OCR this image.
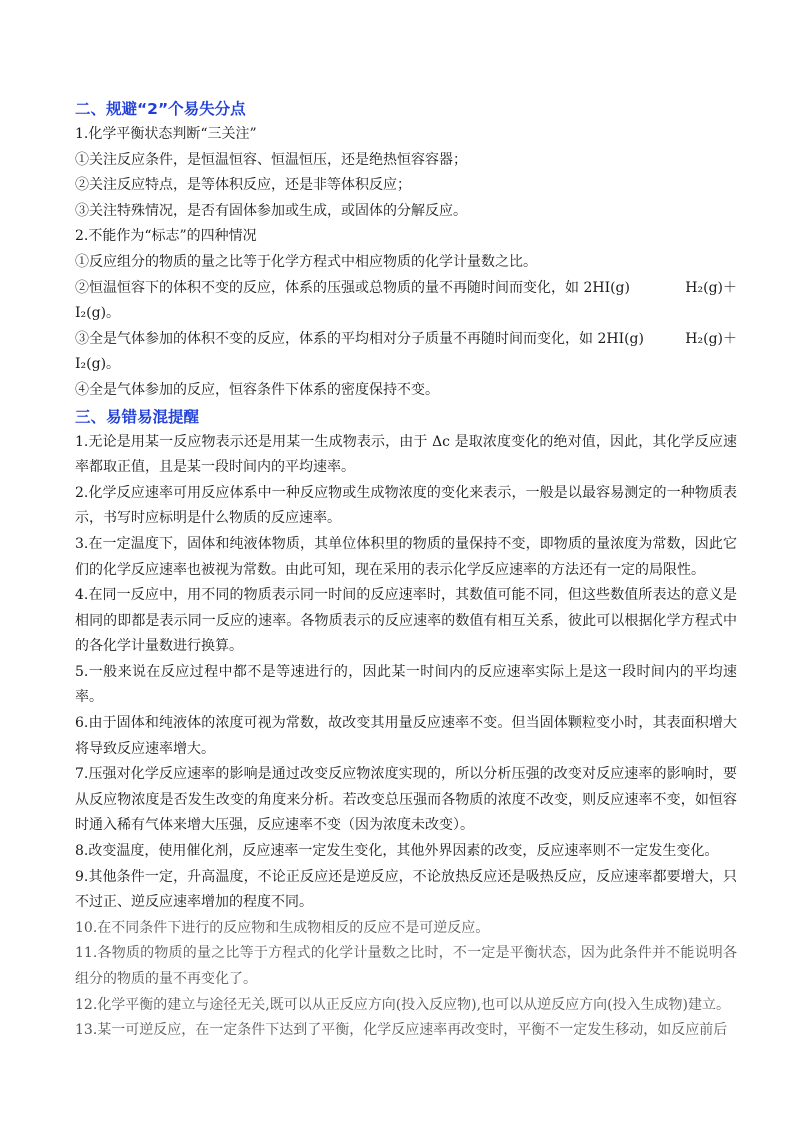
二、规避“2”个易失分点
1.化学平衡状态判断“三关注”
①关注反应条件，是恒温恒容、恒温恒压，还是绝热恒容容器；
②关注反应特点，是等体积反应，还是非等体积反应；
③关注特殊情况，是否有固体参加或生成，或固体的分解反应。
2.不能作为“标志”的四种情况
①反应组分的物质的量之比等于化学方程式中相应物质的化学计量数之比。
②恒温恒容下的体积不变的反应，体系的压强或总物质的量不再随时间而变化，如 2HI(g)	H₂(g)＋
I₂(g)。
③全是气体参加的体积不变的反应，体系的平均相对分子质量不再随时间而变化，如 2HI(g)	H₂(g)＋
I₂(g)。
④全是气体参加的反应，恒容条件下体系的密度保持不变。
三、易错易混提醒
1.无论是用某一反应物表示还是用某一生成物表示，由于 Δc 是取浓度变化的绝对值，因此，其化学反应速率都取正值，且是某一段时间内的平均速率。
2.化学反应速率可用反应体系中一种反应物或生成物浓度的变化来表示，一般是以最容易测定的一种物质表示，书写时应标明是什么物质的反应速率。
3.在一定温度下，固体和纯液体物质，其单位体积里的物质的量保持不变，即物质的量浓度为常数，因此它们的化学反应速率也被视为常数。由此可知，现在采用的表示化学反应速率的方法还有一定的局限性。
4.在同一反应中，用不同的物质表示同一时间的反应速率时，其数值可能不同，但这些数值所表达的意义是相同的即都是表示同一反应的速率。各物质表示的反应速率的数值有相互关系，彼此可以根据化学方程式中的各化学计量数进行换算。
5.一般来说在反应过程中都不是等速进行的，因此某一时间内的反应速率实际上是这一段时间内的平均速率。
6.由于固体和纯液体的浓度可视为常数，故改变其用量反应速率不变。但当固体颗粒变小时，其表面积增大将导致反应速率增大。
7.压强对化学反应速率的影响是通过改变反应物浓度实现的，所以分析压强的改变对反应速率的影响时，要从反应物浓度是否发生改变的角度来分析。若改变总压强而各物质的浓度不改变，则反应速率不变，如恒容时通入稀有气体来增大压强，反应速率不变（因为浓度未改变）。
8.改变温度，使用催化剂，反应速率一定发生变化，其他外界因素的改变，反应速率则不一定发生变化。
9.其他条件一定，升高温度，不论正反应还是逆反应，不论放热反应还是吸热反应，反应速率都要增大，只不过正、逆反应速率增加的程度不同。
10.在不同条件下进行的反应物和生成物相反的反应不是可逆反应。
11.各物质的物质的量之比等于方程式的化学计量数之比时，不一定是平衡状态，因为此条件并不能说明各组分的物质的量不再变化了。
12.化学平衡的建立与途径无关,既可以从正反应方向(投入反应物),也可以从逆反应方向(投入生成物)建立。
13.某一可逆反应，在一定条件下达到了平衡，化学反应速率再改变时，平衡不一定发生移动，如反应前后
